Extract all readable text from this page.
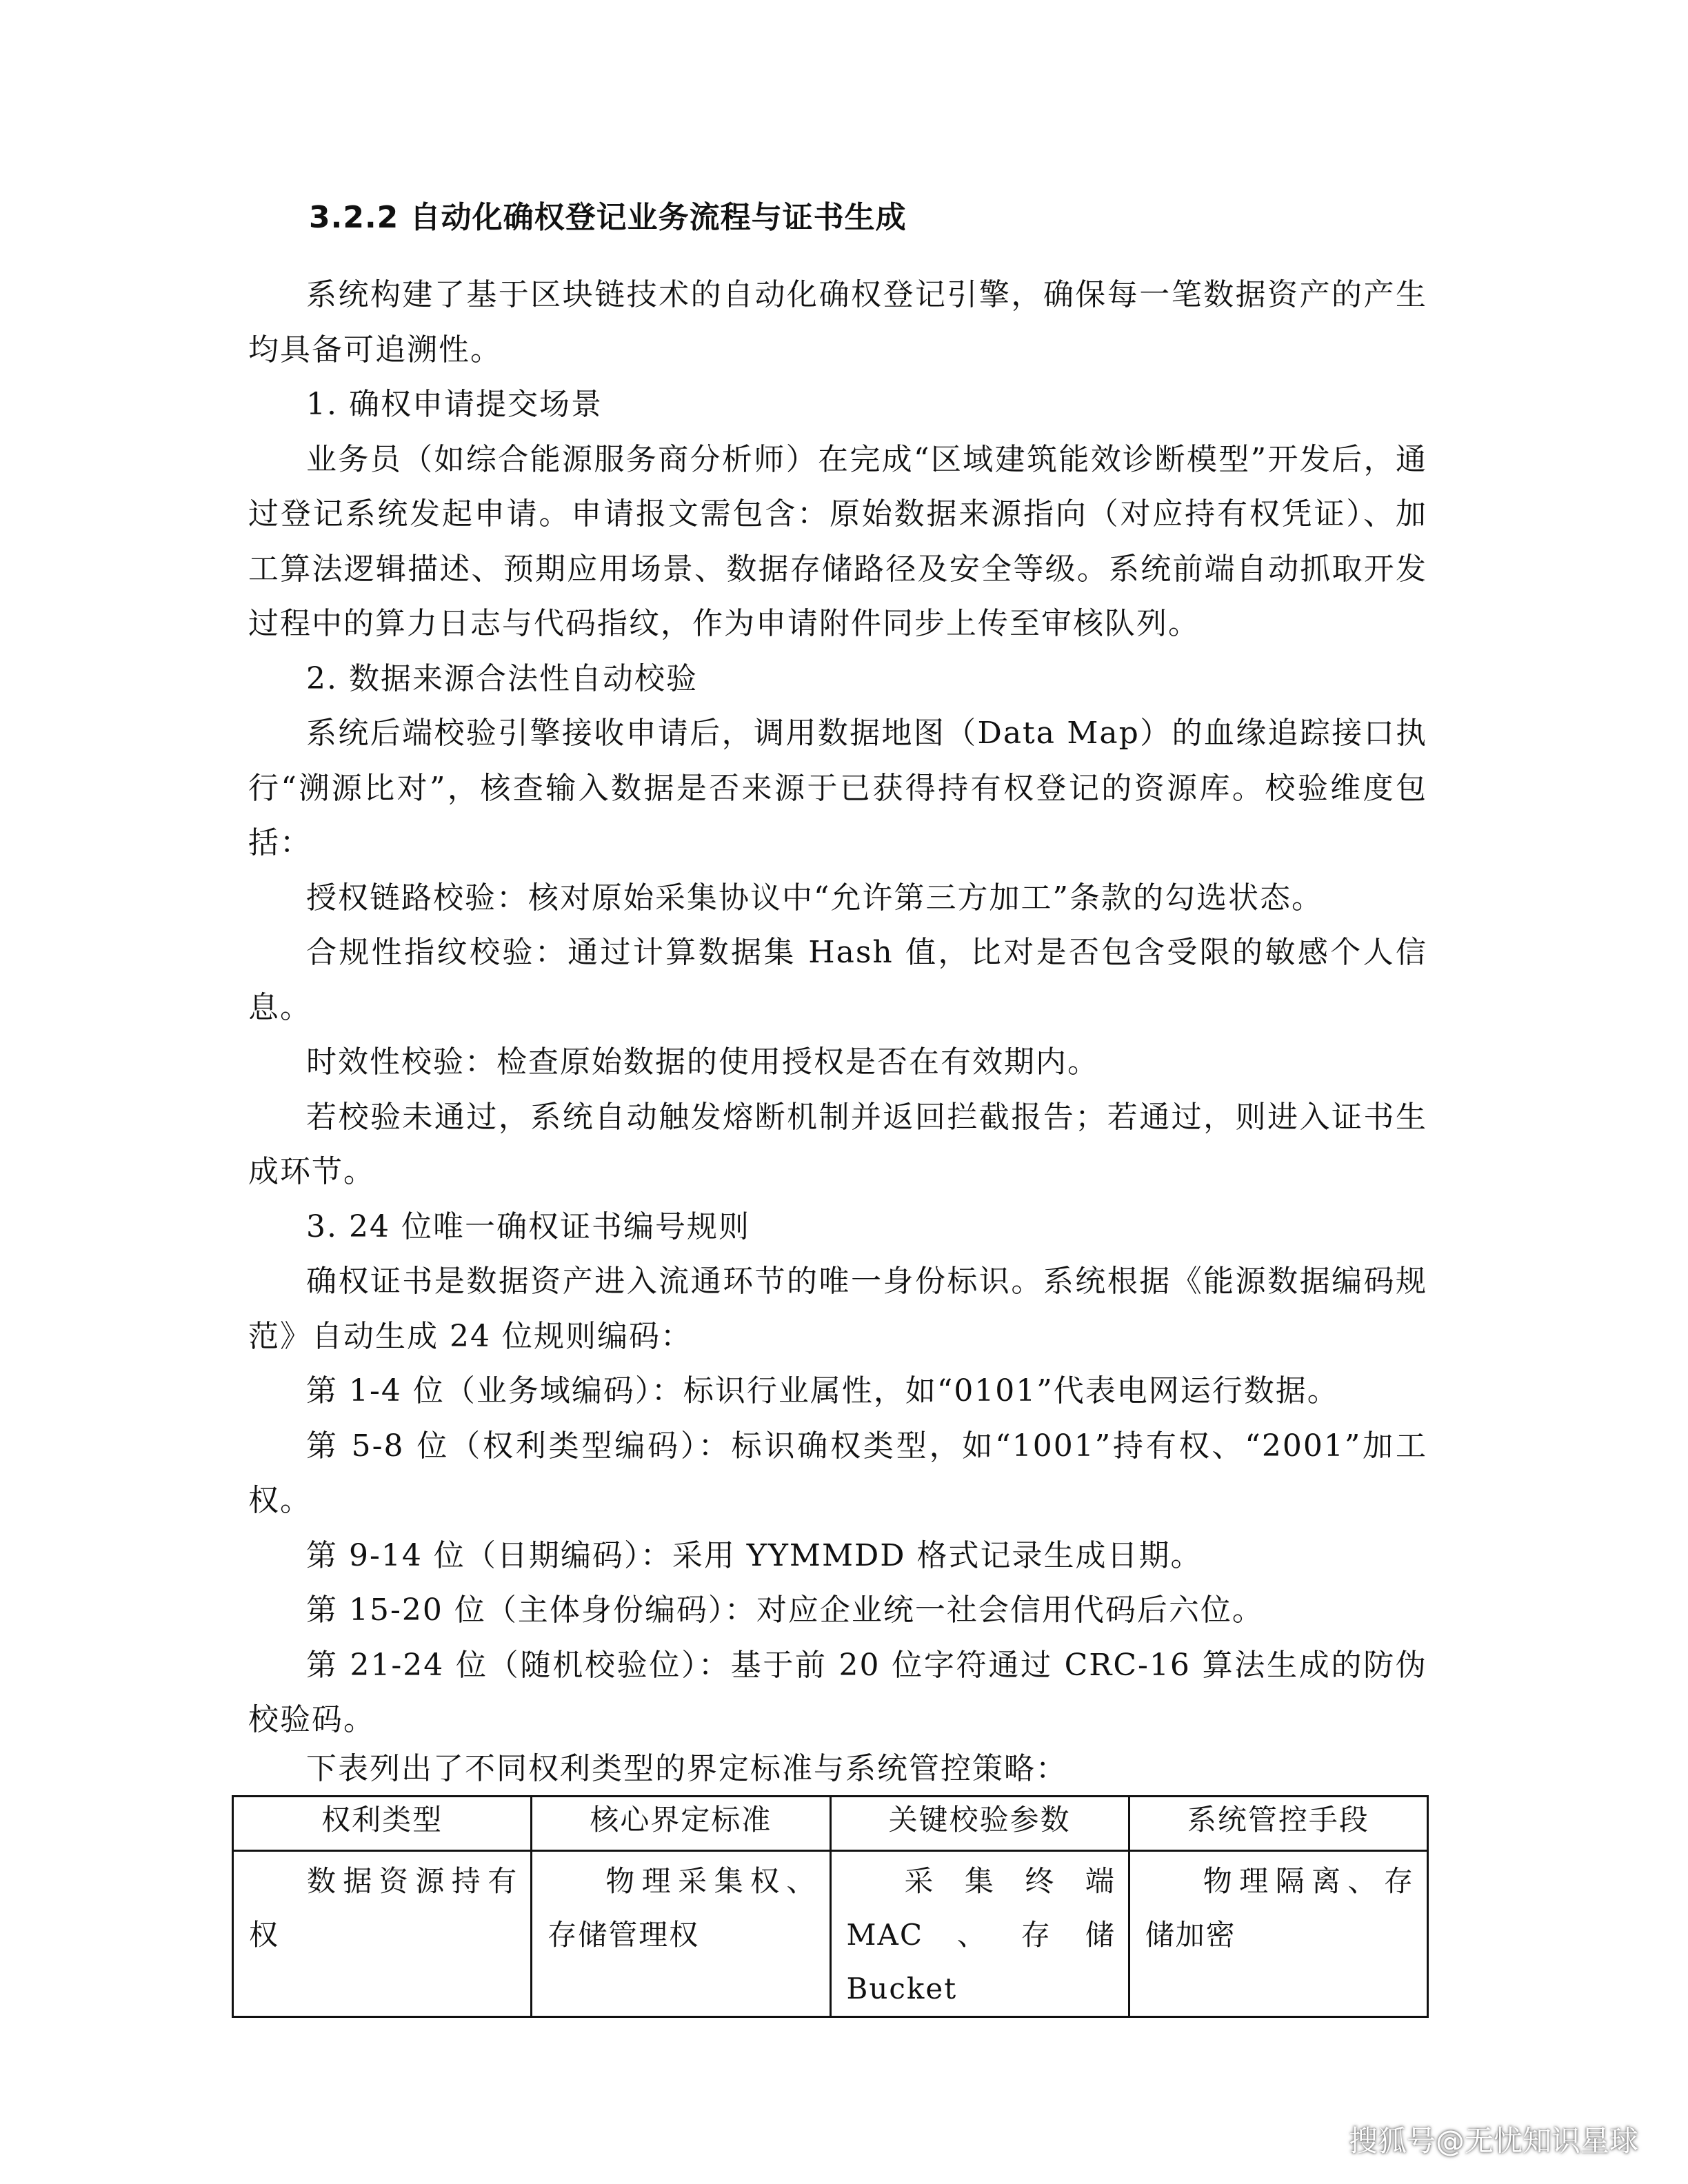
3.2.2 自动化确权登记业务流程与证书生成

系统构建了基于区块链技术的自动化确权登记引擎，确保每一笔数据资产的产生均具备可追溯性。

1. 确权申请提交场景

业务员（如综合能源服务商分析师）在完成“区域建筑能效诊断模型”开发后，通过登记系统发起申请。申请报文需包含：原始数据来源指向（对应持有权凭证）、加工算法逻辑描述、预期应用场景、数据存储路径及安全等级。系统前端自动抓取开发过程中的算力日志与代码指纹，作为申请附件同步上传至审核队列。

2. 数据来源合法性自动校验

系统后端校验引擎接收申请后，调用数据地图（Data Map）的血缘追踪接口执行“溯源比对”，核查输入数据是否来源于已获得持有权登记的资源库。校验维度包括：

授权链路校验：核对原始采集协议中“允许第三方加工”条款的勾选状态。

合规性指纹校验：通过计算数据集 Hash 值，比对是否包含受限的敏感个人信息。

时效性校验：检查原始数据的使用授权是否在有效期内。

若校验未通过，系统自动触发熔断机制并返回拦截报告；若通过，则进入证书生成环节。

3. 24 位唯一确权证书编号规则

确权证书是数据资产进入流通环节的唯一身份标识。系统根据《能源数据编码规范》自动生成 24 位规则编码：

第 1-4 位（业务域编码）：标识行业属性，如“0101”代表电网运行数据。

第 5-8 位（权利类型编码）：标识确权类型，如“1001”持有权、“2001”加工权。

第 9-14 位（日期编码）：采用 YYMMDD 格式记录生成日期。

第 15-20 位（主体身份编码）：对应企业统一社会信用代码后六位。

第 21-24 位（随机校验位）：基于前 20 位字符通过 CRC-16 算法生成的防伪校验码。

下表列出了不同权利类型的界定标准与系统管控策略：

权利类型	核心界定标准	关键校验参数	系统管控手段

数据资源持有权	物理采集权、存储管理权	采集终端MAC、存储 Bucket	物理隔离、存储加密

搜狐号@无忧知识星球
